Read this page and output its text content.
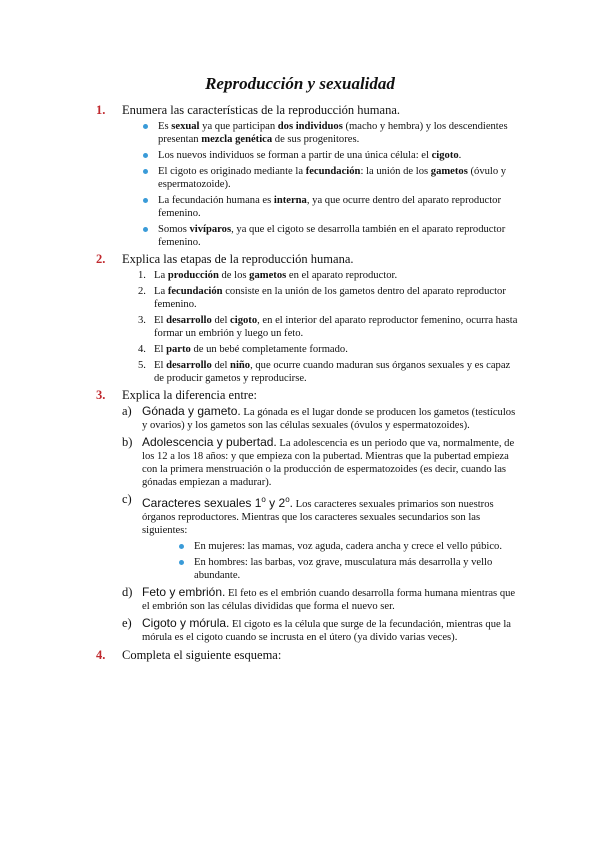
Reproducción y sexualidad
1. Enumera las características de la reproducción humana.
Es sexual ya que participan dos individuos (macho y hembra) y los descendientes presentan mezcla genética de sus progenitores.
Los nuevos individuos se forman a partir de una única célula: el cigoto.
El cigoto es originado mediante la fecundación: la unión de los gametos (óvulo y espermatozoide).
La fecundación humana es interna, ya que ocurre dentro del aparato reproductor femenino.
Somos vivíparos, ya que el cigoto se desarrolla también en el aparato reproductor femenino.
2. Explica las etapas de la reproducción humana.
1. La producción de los gametos en el aparato reproductor.
2. La fecundación consiste en la unión de los gametos dentro del aparato reproductor femenino.
3. El desarrollo del cigoto, en el interior del aparato reproductor femenino, ocurra hasta formar un embrión y luego un feto.
4. El parto de un bebé completamente formado.
5. El desarrollo del niño, que ocurre cuando maduran sus órganos sexuales y es capaz de producir gametos y reproducirse.
3. Explica la diferencia entre:
a) Gónada y gameto. La gónada es el lugar donde se producen los gametos (testículos y ovarios) y los gametos son las células sexuales (óvulos y espermatozoides).
b) Adolescencia y pubertad. La adolescencia es un periodo que va, normalmente, de los 12 a los 18 años: y que empieza con la pubertad. Mientras que la pubertad empieza con la primera menstruación o la producción de espermatozoides (es decir, cuando las gónadas empiezan a madurar).
c) Caracteres sexuales 1$^o$ y 2$^o$. Los caracteres sexuales primarios son nuestros órganos reproductores. Mientras que los caracteres sexuales secundarios son las siguientes:
En mujeres: las mamas, voz aguda, cadera ancha y crece el vello púbico.
En hombres: las barbas, voz grave, musculatura más desarrolla y vello abundante.
d) Feto y embrión. El feto es el embrión cuando desarrolla forma humana mientras que el embrión son las células divididas que forma el nuevo ser.
e) Cigoto y mórula. El cigoto es la célula que surge de la fecundación, mientras que la mórula es el cigoto cuando se incrusta en el útero (ya divido varias veces).
4. Completa el siguiente esquema:
